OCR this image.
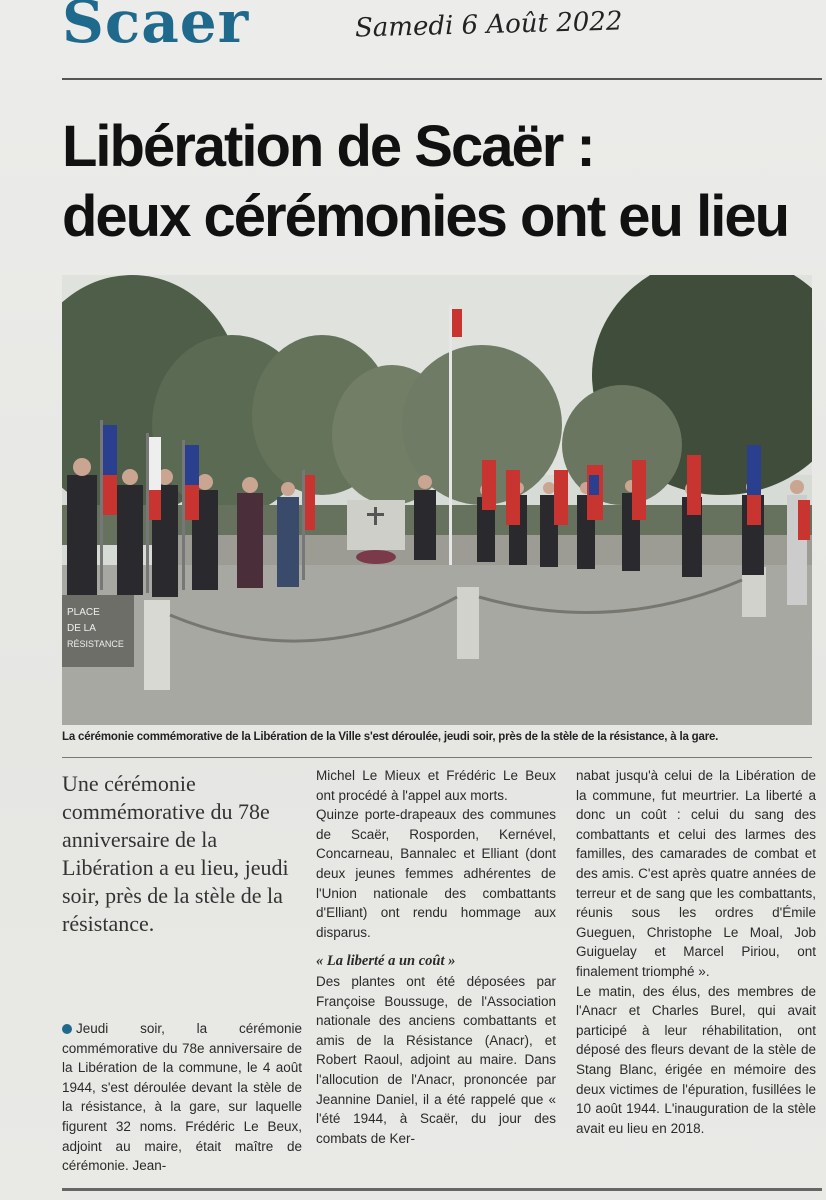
Scaer	Samedi 6 Août 2022
Libération de Scaër :
deux cérémonies ont eu lieu
PLACE
DE LA
RÉSISTANCE
La cérémonie commémorative de la Libération de la Ville s'est déroulée, jeudi soir, près de la stèle de la résistance, à la gare.
Une cérémonie commémorative du 78e anniversaire de la Libération a eu lieu, jeudi soir, près de la stèle de la résistance.

Jeudi soir, la cérémonie commémorative du 78e anniversaire de la Libération de la commune, le 4 août 1944, s'est déroulée devant la stèle de la résistance, à la gare, sur laquelle figurent 32 noms. Frédéric Le Beux, adjoint au maire, était maître de cérémonie. Jean-

Michel Le Mieux et Frédéric Le Beux ont procédé à l'appel aux morts.

Quinze porte-drapeaux des communes de Scaër, Rosporden, Kernével, Concarneau, Bannalec et Elliant (dont deux jeunes femmes adhérentes de l'Union nationale des combattants d'Elliant) ont rendu hommage aux disparus.

« La liberté a un coût »

Des plantes ont été déposées par Françoise Boussuge, de l'Association nationale des anciens combattants et amis de la Résistance (Anacr), et Robert Raoul, adjoint au maire. Dans l'allocution de l'Anacr, prononcée par Jeannine Daniel, il a été rappelé que « l'été 1944, à Scaër, du jour des combats de Ker-

nabat jusqu'à celui de la Libération de la commune, fut meurtrier. La liberté a donc un coût : celui du sang des combattants et celui des larmes des familles, des camarades de combat et des amis. C'est après quatre années de terreur et de sang que les combattants, réunis sous les ordres d'Émile Gueguen, Christophe Le Moal, Job Guiguelay et Marcel Piriou, ont finalement triomphé ».

Le matin, des élus, des membres de l'Anacr et Charles Burel, qui avait participé à leur réhabilitation, ont déposé des fleurs devant de la stèle de Stang Blanc, érigée en mémoire des deux victimes de l'épuration, fusillées le 10 août 1944. L'inauguration de la stèle avait eu lieu en 2018.
